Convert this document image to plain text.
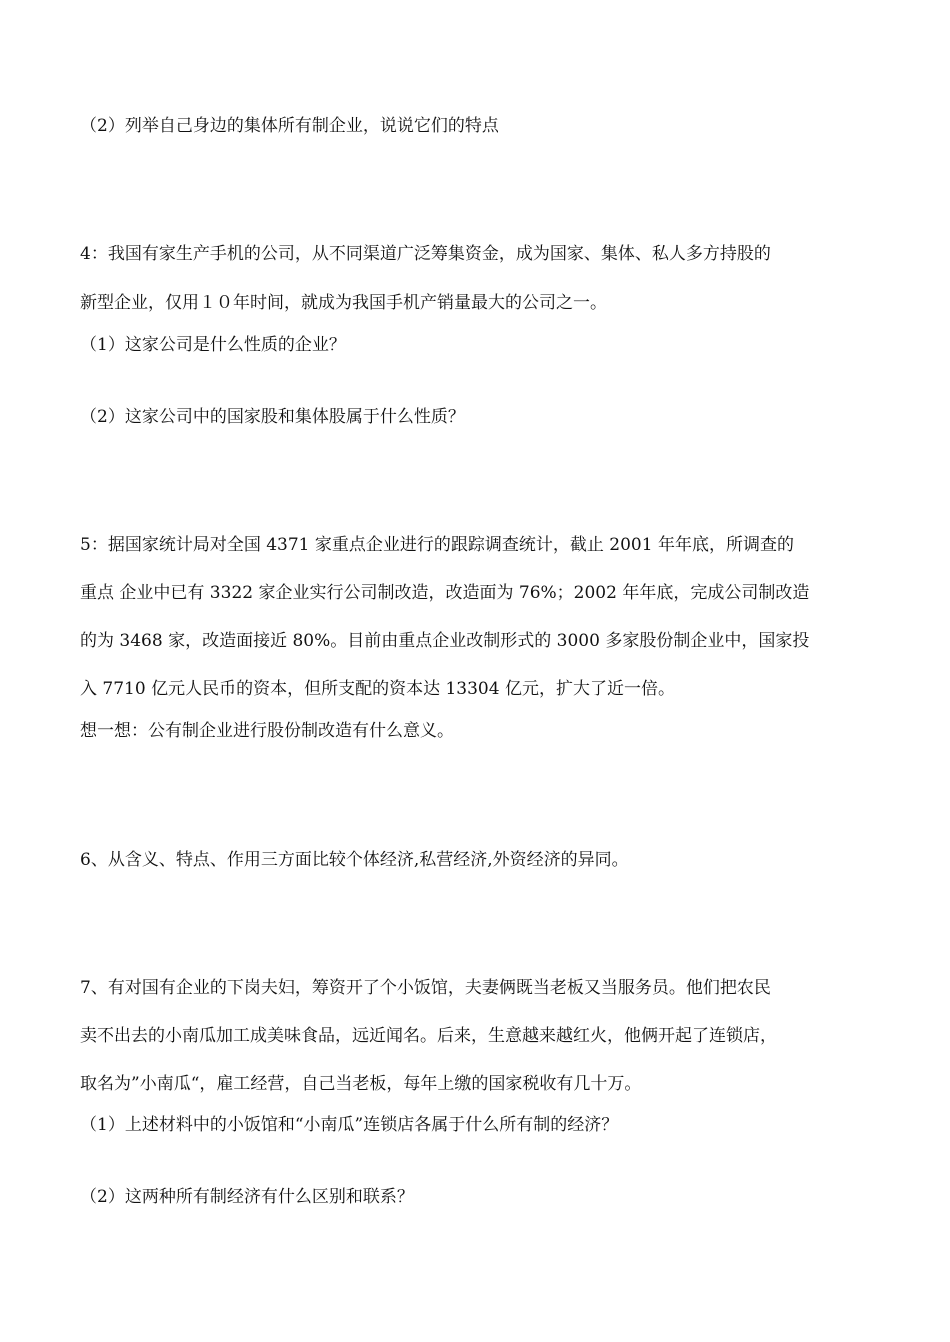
（2）列举自己身边的集体所有制企业，说说它们的特点
4：我国有家生产手机的公司，从不同渠道广泛筹集资金，成为国家、集体、私人多方持股的
新型企业，仅用１０年时间，就成为我国手机产销量最大的公司之一。
（1）这家公司是什么性质的企业？
（2）这家公司中的国家股和集体股属于什么性质？
5：据国家统计局对全国 4371 家重点企业进行的跟踪调查统计，截止 2001 年年底，所调查的
重点 企业中已有 3322 家企业实行公司制改造，改造面为 76%；2002 年年底，完成公司制改造
的为 3468 家，改造面接近 80%。目前由重点企业改制形式的 3000 多家股份制企业中，国家投
入 7710 亿元人民币的资本，但所支配的资本达 13304 亿元，扩大了近一倍。
想一想：公有制企业进行股份制改造有什么意义。
6、从含义、特点、作用三方面比较个体经济,私营经济,外资经济的异同。
7、有对国有企业的下岗夫妇，筹资开了个小饭馆，夫妻俩既当老板又当服务员。他们把农民
卖不出去的小南瓜加工成美味食品，远近闻名。后来，生意越来越红火，他俩开起了连锁店，
取名为”小南瓜“，雇工经营，自己当老板，每年上缴的国家税收有几十万。
（1）上述材料中的小饭馆和“小南瓜”连锁店各属于什么所有制的经济？
（2）这两种所有制经济有什么区别和联系？
